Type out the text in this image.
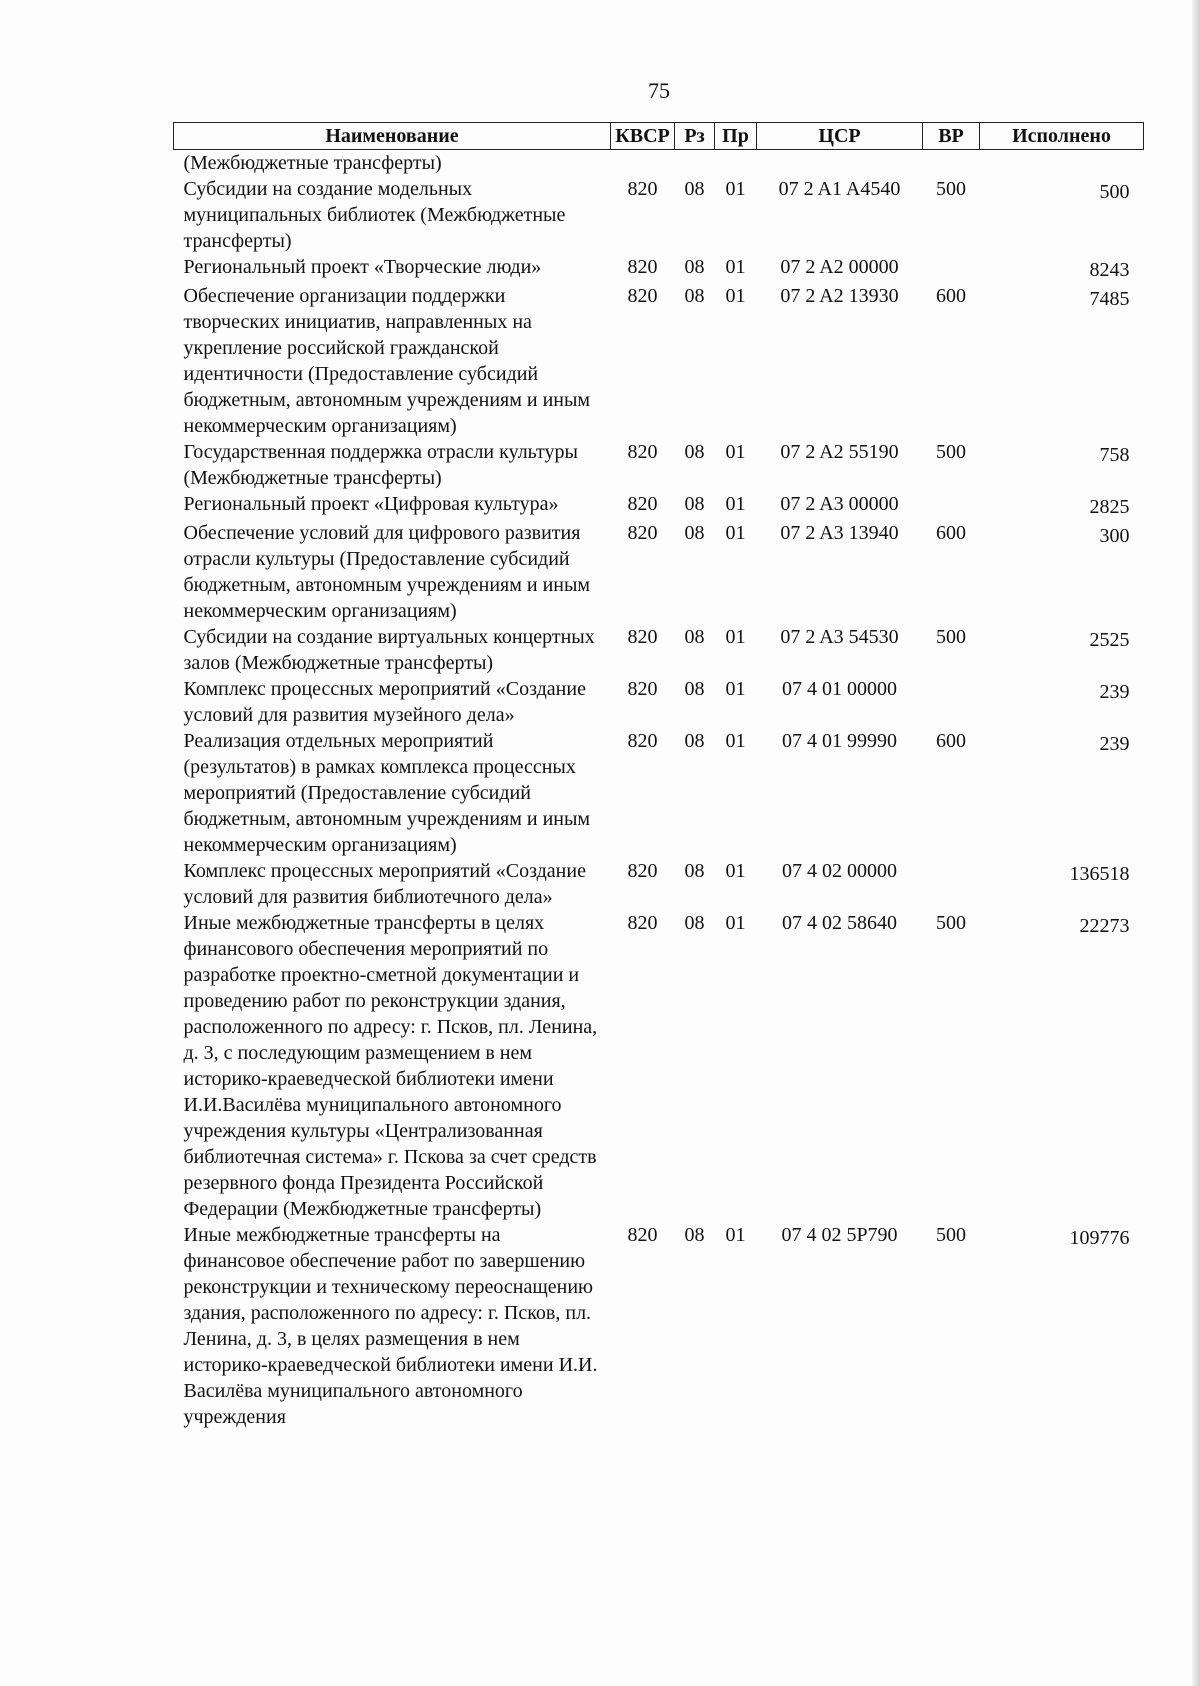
75
Наименование	КВСР	Рз	Пр	ЦСР	ВР	Исполнено
(Межбюджетные трансферты)						
Субсидии на создание модельных муниципальных библиотек (Межбюджетные трансферты)	820	08	01	07 2 A1 A4540	500	500
Региональный проект «Творческие люди»	820	08	01	07 2 A2 00000		8243
Обеспечение организации поддержки творческих инициатив, направленных на укрепление российской гражданской идентичности (Предоставление субсидий бюджетным, автономным учреждениям и иным некоммерческим организациям)	820	08	01	07 2 A2 13930	600	7485
Государственная поддержка отрасли культуры (Межбюджетные трансферты)	820	08	01	07 2 A2 55190	500	758
Региональный проект «Цифровая культура»	820	08	01	07 2 A3 00000		2825
Обеспечение условий для цифрового развития отрасли культуры (Предоставление субсидий бюджетным, автономным учреждениям и иным некоммерческим организациям)	820	08	01	07 2 A3 13940	600	300
Субсидии на создание виртуальных концертных залов (Межбюджетные трансферты)	820	08	01	07 2 A3 54530	500	2525
Комплекс процессных мероприятий «Создание условий для развития музейного дела»	820	08	01	07 4 01 00000		239
Реализация отдельных мероприятий (результатов) в рамках комплекса процессных мероприятий (Предоставление субсидий бюджетным, автономным учреждениям и иным некоммерческим организациям)	820	08	01	07 4 01 99990	600	239
Комплекс процессных мероприятий «Создание условий для развития библиотечного дела»	820	08	01	07 4 02 00000		136518
Иные межбюджетные трансферты в целях финансового обеспечения мероприятий по разработке проектно-сметной документации и проведению работ по реконструкции здания, расположенного по адресу: г. Псков, пл. Ленина, д. 3, с последующим размещением в нем историко-краеведческой библиотеки имени И.И.Василёва муниципального автономного учреждения культуры «Централизованная библиотечная система» г. Пскова за счет средств резервного фонда Президента Российской Федерации (Межбюджетные трансферты)	820	08	01	07 4 02 58640	500	22273
Иные межбюджетные трансферты на финансовое обеспечение работ по завершению реконструкции и техническому переоснащению здания, расположенного по адресу: г. Псков, пл. Ленина, д. 3, в целях размещения в нем историко-краеведческой библиотеки имени И.И. Василёва муниципального автономного учреждения	820	08	01	07 4 02 5P790	500	109776
